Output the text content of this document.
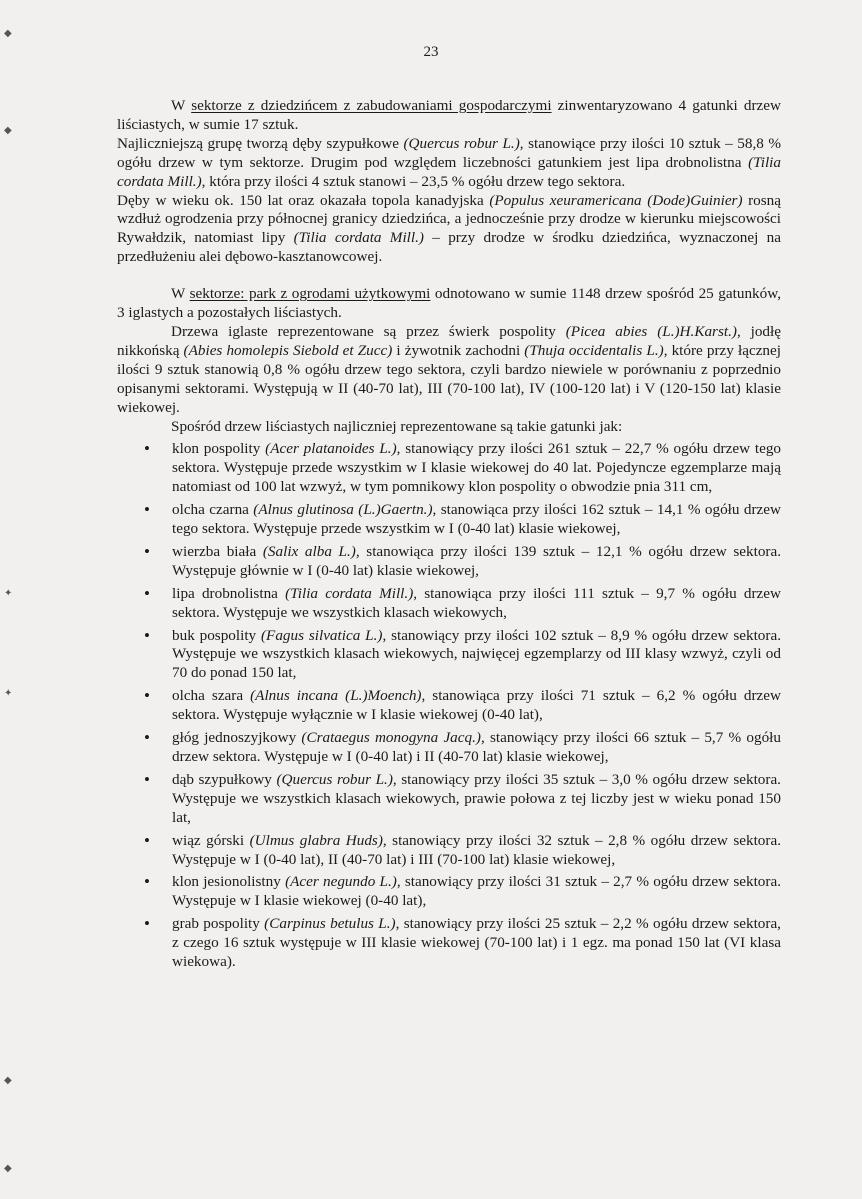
◆
◆
✦
✦
◆
◆
23

W sektorze z dziedzińcem z zabudowaniami gospodarczymi zinwentaryzowano 4 gatunki drzew liściastych, w sumie 17 sztuk.

Najliczniejszą grupę tworzą dęby szypułkowe (Quercus robur L.), stanowiące przy ilości 10 sztuk – 58,8 % ogółu drzew w tym sektorze. Drugim pod względem liczebności gatunkiem jest lipa drobnolistna (Tilia cordata Mill.), która przy ilości 4 sztuk stanowi – 23,5 % ogółu drzew tego sektora.

Dęby w wieku ok. 150 lat oraz okazała topola kanadyjska (Populus xeuramericana (Dode)Guinier) rosną wzdłuż ogrodzenia przy północnej granicy dziedzińca, a jednocześnie przy drodze w kierunku miejscowości Rywałdzik, natomiast lipy (Tilia cordata Mill.) – przy drodze w środku dziedzińca, wyznaczonej na przedłużeniu alei dębowo-kasztanowcowej.

W sektorze: park z ogrodami użytkowymi odnotowano w sumie 1148 drzew spośród 25 gatunków, 3 iglastych a pozostałych liściastych.

Drzewa iglaste reprezentowane są przez świerk pospolity (Picea abies (L.)H.Karst.), jodłę nikkońską (Abies homolepis Siebold et Zucc) i żywotnik zachodni (Thuja occidentalis L.), które przy łącznej ilości 9 sztuk stanowią 0,8 % ogółu drzew tego sektora, czyli bardzo niewiele w porównaniu z poprzednio opisanymi sektorami. Występują w II (40-70 lat), III (70-100 lat), IV (100-120 lat) i V (120-150 lat) klasie wiekowej.

Spośród drzew liściastych najliczniej reprezentowane są takie gatunki jak:

• klon pospolity (Acer platanoides L.), stanowiący przy ilości 261 sztuk – 22,7 % ogółu drzew tego sektora. Występuje przede wszystkim w I klasie wiekowej do 40 lat. Pojedyncze egzemplarze mają natomiast od 100 lat wzwyż, w tym pomnikowy klon pospolity o obwodzie pnia 311 cm,
• olcha czarna (Alnus glutinosa (L.)Gaertn.), stanowiąca przy ilości 162 sztuk – 14,1 % ogółu drzew tego sektora. Występuje przede wszystkim w I (0-40 lat) klasie wiekowej,
• wierzba biała (Salix alba L.), stanowiąca przy ilości 139 sztuk – 12,1 % ogółu drzew sektora. Występuje głównie w I (0-40 lat) klasie wiekowej,
• lipa drobnolistna (Tilia cordata Mill.), stanowiąca przy ilości 111 sztuk – 9,7 % ogółu drzew sektora. Występuje we wszystkich klasach wiekowych,
• buk pospolity (Fagus silvatica L.), stanowiący przy ilości 102 sztuk – 8,9 % ogółu drzew sektora. Występuje we wszystkich klasach wiekowych, najwięcej egzemplarzy od III klasy wzwyż, czyli od 70 do ponad 150 lat,
• olcha szara (Alnus incana (L.)Moench), stanowiąca przy ilości 71 sztuk – 6,2 % ogółu drzew sektora. Występuje wyłącznie w I klasie wiekowej (0-40 lat),
• głóg jednoszyjkowy (Crataegus monogyna Jacq.), stanowiący przy ilości 66 sztuk – 5,7 % ogółu drzew sektora. Występuje w I (0-40 lat) i II (40-70 lat) klasie wiekowej,
• dąb szypułkowy (Quercus robur L.), stanowiący przy ilości 35 sztuk – 3,0 % ogółu drzew sektora. Występuje we wszystkich klasach wiekowych, prawie połowa z tej liczby jest w wieku ponad 150 lat,
• wiąz górski (Ulmus glabra Huds), stanowiący przy ilości 32 sztuk – 2,8 % ogółu drzew sektora. Występuje w I (0-40 lat), II (40-70 lat) i III (70-100 lat) klasie wiekowej,
• klon jesionolistny (Acer negundo L.), stanowiący przy ilości 31 sztuk – 2,7 % ogółu drzew sektora. Występuje w I klasie wiekowej (0-40 lat),
• grab pospolity (Carpinus betulus L.), stanowiący przy ilości 25 sztuk – 2,2 % ogółu drzew sektora, z czego 16 sztuk występuje w III klasie wiekowej (70-100 lat) i 1 egz. ma ponad 150 lat (VI klasa wiekowa).
